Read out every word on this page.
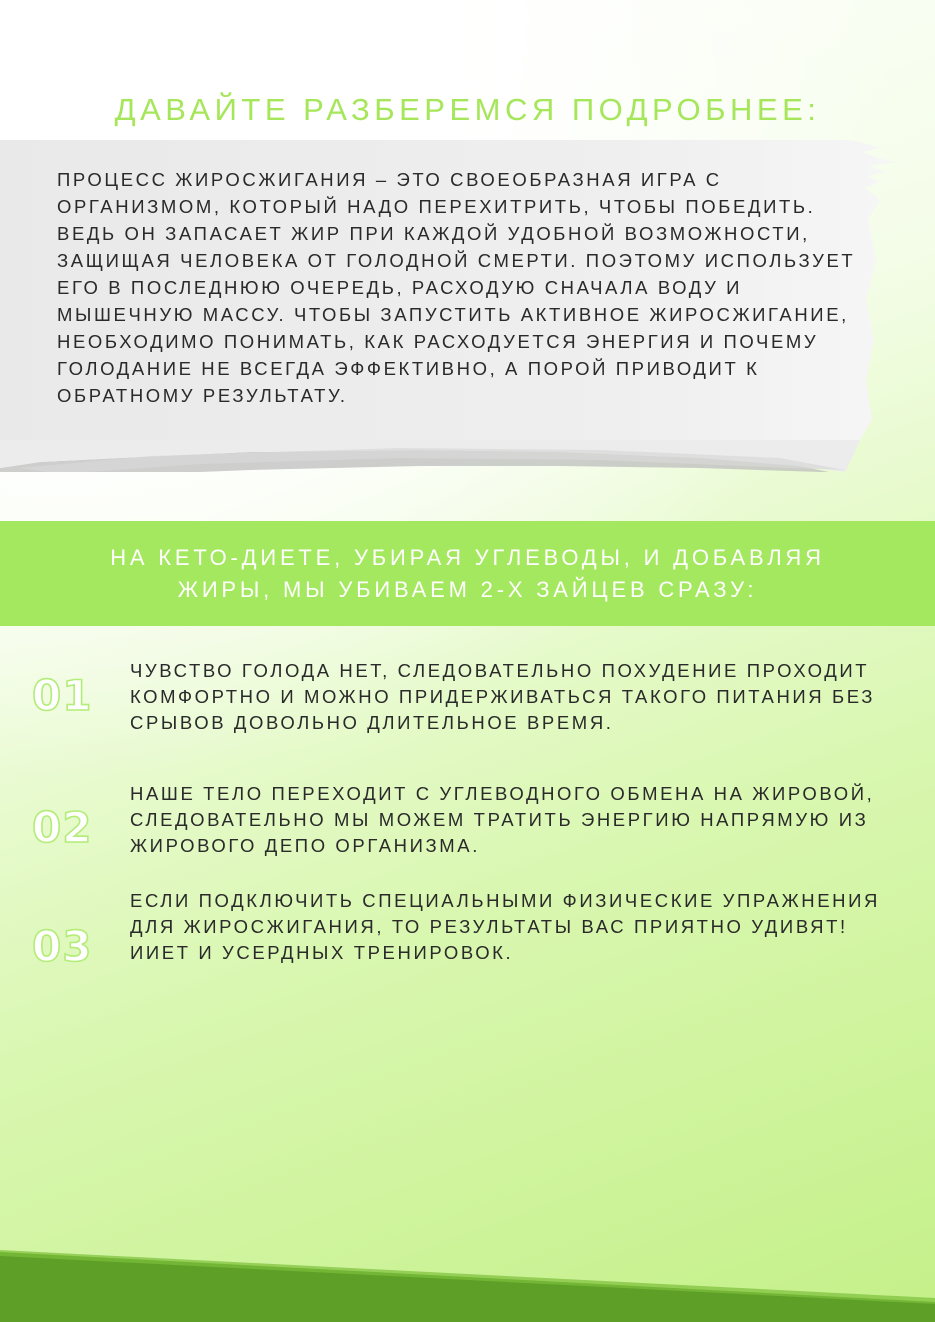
ДАВАЙТЕ РАЗБЕРЕМСЯ ПОДРОБНЕЕ:

ПРОЦЕСС ЖИРОСЖИГАНИЯ – ЭТО СВОЕОБРАЗНАЯ ИГРА С ОРГАНИЗМОМ, КОТОРЫЙ НАДО ПЕРЕХИТРИТЬ, ЧТОБЫ ПОБЕДИТЬ. ВЕДЬ ОН ЗАПАСАЕТ ЖИР ПРИ КАЖДОЙ УДОБНОЙ ВОЗМОЖНОСТИ, ЗАЩИЩАЯ ЧЕЛОВЕКА ОТ ГОЛОДНОЙ СМЕРТИ. ПОЭТОМУ ИСПОЛЬЗУЕТ ЕГО В ПОСЛЕДНЮЮ ОЧЕРЕДЬ, РАСХОДУЮ СНАЧАЛА ВОДУ И МЫШЕЧНУЮ МАССУ. ЧТОБЫ ЗАПУСТИТЬ АКТИВНОЕ ЖИРОСЖИГАНИЕ, НЕОБХОДИМО ПОНИМАТЬ, КАК РАСХОДУЕТСЯ ЭНЕРГИЯ И ПОЧЕМУ ГОЛОДАНИЕ НЕ ВСЕГДА ЭФФЕКТИВНО, А ПОРОЙ ПРИВОДИТ К ОБРАТНОМУ РЕЗУЛЬТАТУ.

НА КЕТО-ДИЕТЕ, УБИРАЯ УГЛЕВОДЫ, И ДОБАВЛЯЯ ЖИРЫ, МЫ УБИВАЕМ 2-Х ЗАЙЦЕВ СРАЗУ:

01

ЧУВСТВО ГОЛОДА НЕТ, СЛЕДОВАТЕЛЬНО ПОХУДЕНИЕ ПРОХОДИТ КОМФОРТНО И МОЖНО ПРИДЕРЖИВАТЬСЯ ТАКОГО ПИТАНИЯ БЕЗ СРЫВОВ ДОВОЛЬНО ДЛИТЕЛЬНОЕ ВРЕМЯ.

02

НАШЕ ТЕЛО ПЕРЕХОДИТ С УГЛЕВОДНОГО ОБМЕНА НА ЖИРОВОЙ, СЛЕДОВАТЕЛЬНО МЫ МОЖЕМ ТРАТИТЬ ЭНЕРГИЮ НАПРЯМУЮ ИЗ ЖИРОВОГО ДЕПО ОРГАНИЗМА.

03

ЕСЛИ ПОДКЛЮЧИТЬ СПЕЦИАЛЬНЫМИ ФИЗИЧЕСКИЕ УПРАЖНЕНИЯ ДЛЯ ЖИРОСЖИГАНИЯ, ТО РЕЗУЛЬТАТЫ ВАС ПРИЯТНО УДИВЯТ!ИИЕТ И УСЕРДНЫХ ТРЕНИРОВОК.
